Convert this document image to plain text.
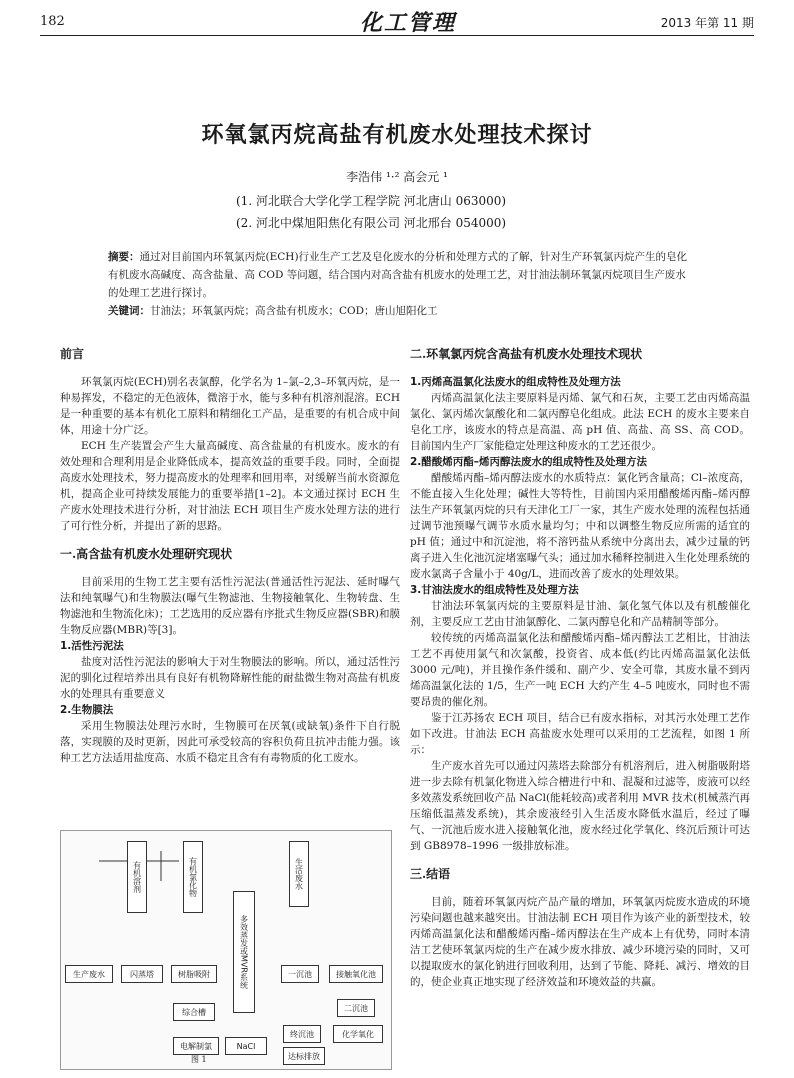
182	化工管理	2013 年第 11 期
环氧氯丙烷高盐有机废水处理技术探讨
李浩伟 ¹·² 高会元 ¹
(1. 河北联合大学化学工程学院 河北唐山 063000)
(2. 河北中煤旭阳焦化有限公司 河北邢台 054000)
摘要：通过对目前国内环氧氯丙烷(ECH)行业生产工艺及皂化废水的分析和处理方式的了解，针对生产环氧氯丙烷产生的皂化有机废水高碱度、高含盐量、高 COD 等问题，结合国内对高含盐有机废水的处理工艺，对甘油法制环氧氯丙烷项目生产废水的处理工艺进行探讨。
关键词：甘油法；环氧氯丙烷；高含盐有机废水；COD；唐山旭阳化工
前言

环氧氯丙烷(ECH)别名表氯醇，化学名为 1–氯–2,3–环氧丙烷，是一种易挥发，不稳定的无色液体，微溶于水，能与多种有机溶剂混溶。ECH 是一种重要的基本有机化工原料和精细化工产品，是重要的有机合成中间体，用途十分广泛。

ECH 生产装置会产生大量高碱度、高含盐量的有机废水。废水的有效处理和合理利用是企业降低成本，提高效益的重要手段。同时，全面提高废水处理技术，努力提高废水的处理率和回用率，对缓解当前水资源危机，提高企业可持续发展能力的重要举措[1–2]。本文通过探讨 ECH 生产废水处理技术进行分析，对甘油法 ECH 项目生产废水处理方法的进行了可行性分析，并提出了新的思路。

一.高含盐有机废水处理研究现状

目前采用的生物工艺主要有活性污泥法(普通活性污泥法、延时曝气法和纯氧曝气)和生物膜法(曝气生物滤池、生物接触氧化、生物转盘、生物滤池和生物流化床)；工艺选用的反应器有序批式生物反应器(SBR)和膜生物反应器(MBR)等[3]。

1.活性污泥法

盐度对活性污泥法的影响大于对生物膜法的影响。所以，通过活性污泥的驯化过程培养出具有良好有机物降解性能的耐盐微生物对高盐有机废水的处理具有重要意义

2.生物膜法

采用生物膜法处理污水时，生物膜可在厌氧(或缺氧)条件下自行脱落，实现膜的及时更新，因此可承受较高的容积负荷且抗冲击能力强。该种工艺方法适用盐度高、水质不稳定且含有有毒物质的化工废水。

生产废水	闪蒸塔	树脂吸附
有机溶剂	有机氯化物
综合槽
多效蒸发或MVR系统
电解制氯	NaCl
生活废水
一沉池	接触氧化池
二沉池
化学氧化
终沉池
达标排放
图 1
二.环氧氯丙烷含高盐有机废水处理技术现状
1.丙烯高温氯化法废水的组成特性及处理方法

丙烯高温氯化法主要原料是丙烯、氯气和石灰，主要工艺由丙烯高温氯化、氯丙烯次氯酸化和二氯丙醇皂化组成。此法 ECH 的废水主要来自皂化工序，该废水的特点是高温、高 pH 值、高盐、高 SS、高 COD。目前国内生产厂家能稳定处理这种废水的工艺还很少。

2.醋酸烯丙酯–烯丙醇法废水的组成特性及处理方法

醋酸烯丙酯–烯丙醇法废水的水质特点：氯化钙含量高；Cl–浓度高，不能直接入生化处理；碱性大等特性，目前国内采用醋酸烯丙酯–烯丙醇法生产环氧氯丙烷的只有天津化工厂一家，其生产废水处理的流程包括通过调节池预曝气调节水质水量均匀；中和以调整生物反应所需的适宜的 pH 值；通过中和沉淀池，将不溶钙盐从系统中分离出去，减少过量的钙离子进入生化池沉淀堵塞曝气头；通过加水稀释控制进入生化处理系统的废水氯离子含量小于 40g/L，进而改善了废水的处理效果。

3.甘油法废水的组成特性及处理方法

甘油法环氧氯丙烷的主要原料是甘油、氯化氢气体以及有机酸催化剂，主要反应工艺由甘油氯醇化、二氯丙醇皂化和产品精制等部分。

较传统的丙烯高温氯化法和醋酸烯丙酯–烯丙醇法工艺相比，甘油法工艺不再使用氯气和次氯酸，投资省、成本低(约比丙烯高温氯化法低 3000 元/吨)，并且操作条件缓和、副产少、安全可靠，其废水量不到丙烯高温氯化法的 1/5，生产一吨 ECH 大约产生 4–5 吨废水，同时也不需要昂贵的催化剂。

鉴于江苏扬农 ECH 项目，结合已有废水指标，对其污水处理工艺作如下改进。甘油法 ECH 高盐废水处理可以采用的工艺流程，如图 1 所示：

生产废水首先可以通过闪蒸塔去除部分有机溶剂后，进入树脂吸附塔进一步去除有机氯化物进入综合槽进行中和、混凝和过滤等，废液可以经多效蒸发系统回收产品 NaCl(能耗较高)或者利用 MVR 技术(机械蒸汽再压缩低温蒸发系统)，其余废液经引入生活废水降低水温后，经过了曝气、一沉池后废水进入接触氧化池，废水经过化学氧化、终沉后预计可达到 GB8978–1996 一级排放标准。

三.结语

目前，随着环氧氯丙烷产品产量的增加，环氧氯丙烷废水造成的环境污染问题也越来越突出。甘油法制 ECH 项目作为该产业的新型技术，较丙烯高温氯化法和醋酸烯丙酯–烯丙醇法在生产成本上有优势，同时本清洁工艺使环氧氯丙烷的生产在减少废水排放、减少环境污染的同时，又可以提取废水的氯化钠进行回收利用，达到了节能、降耗、减污、增效的目的，使企业真正地实现了经济效益和环境效益的共赢。
